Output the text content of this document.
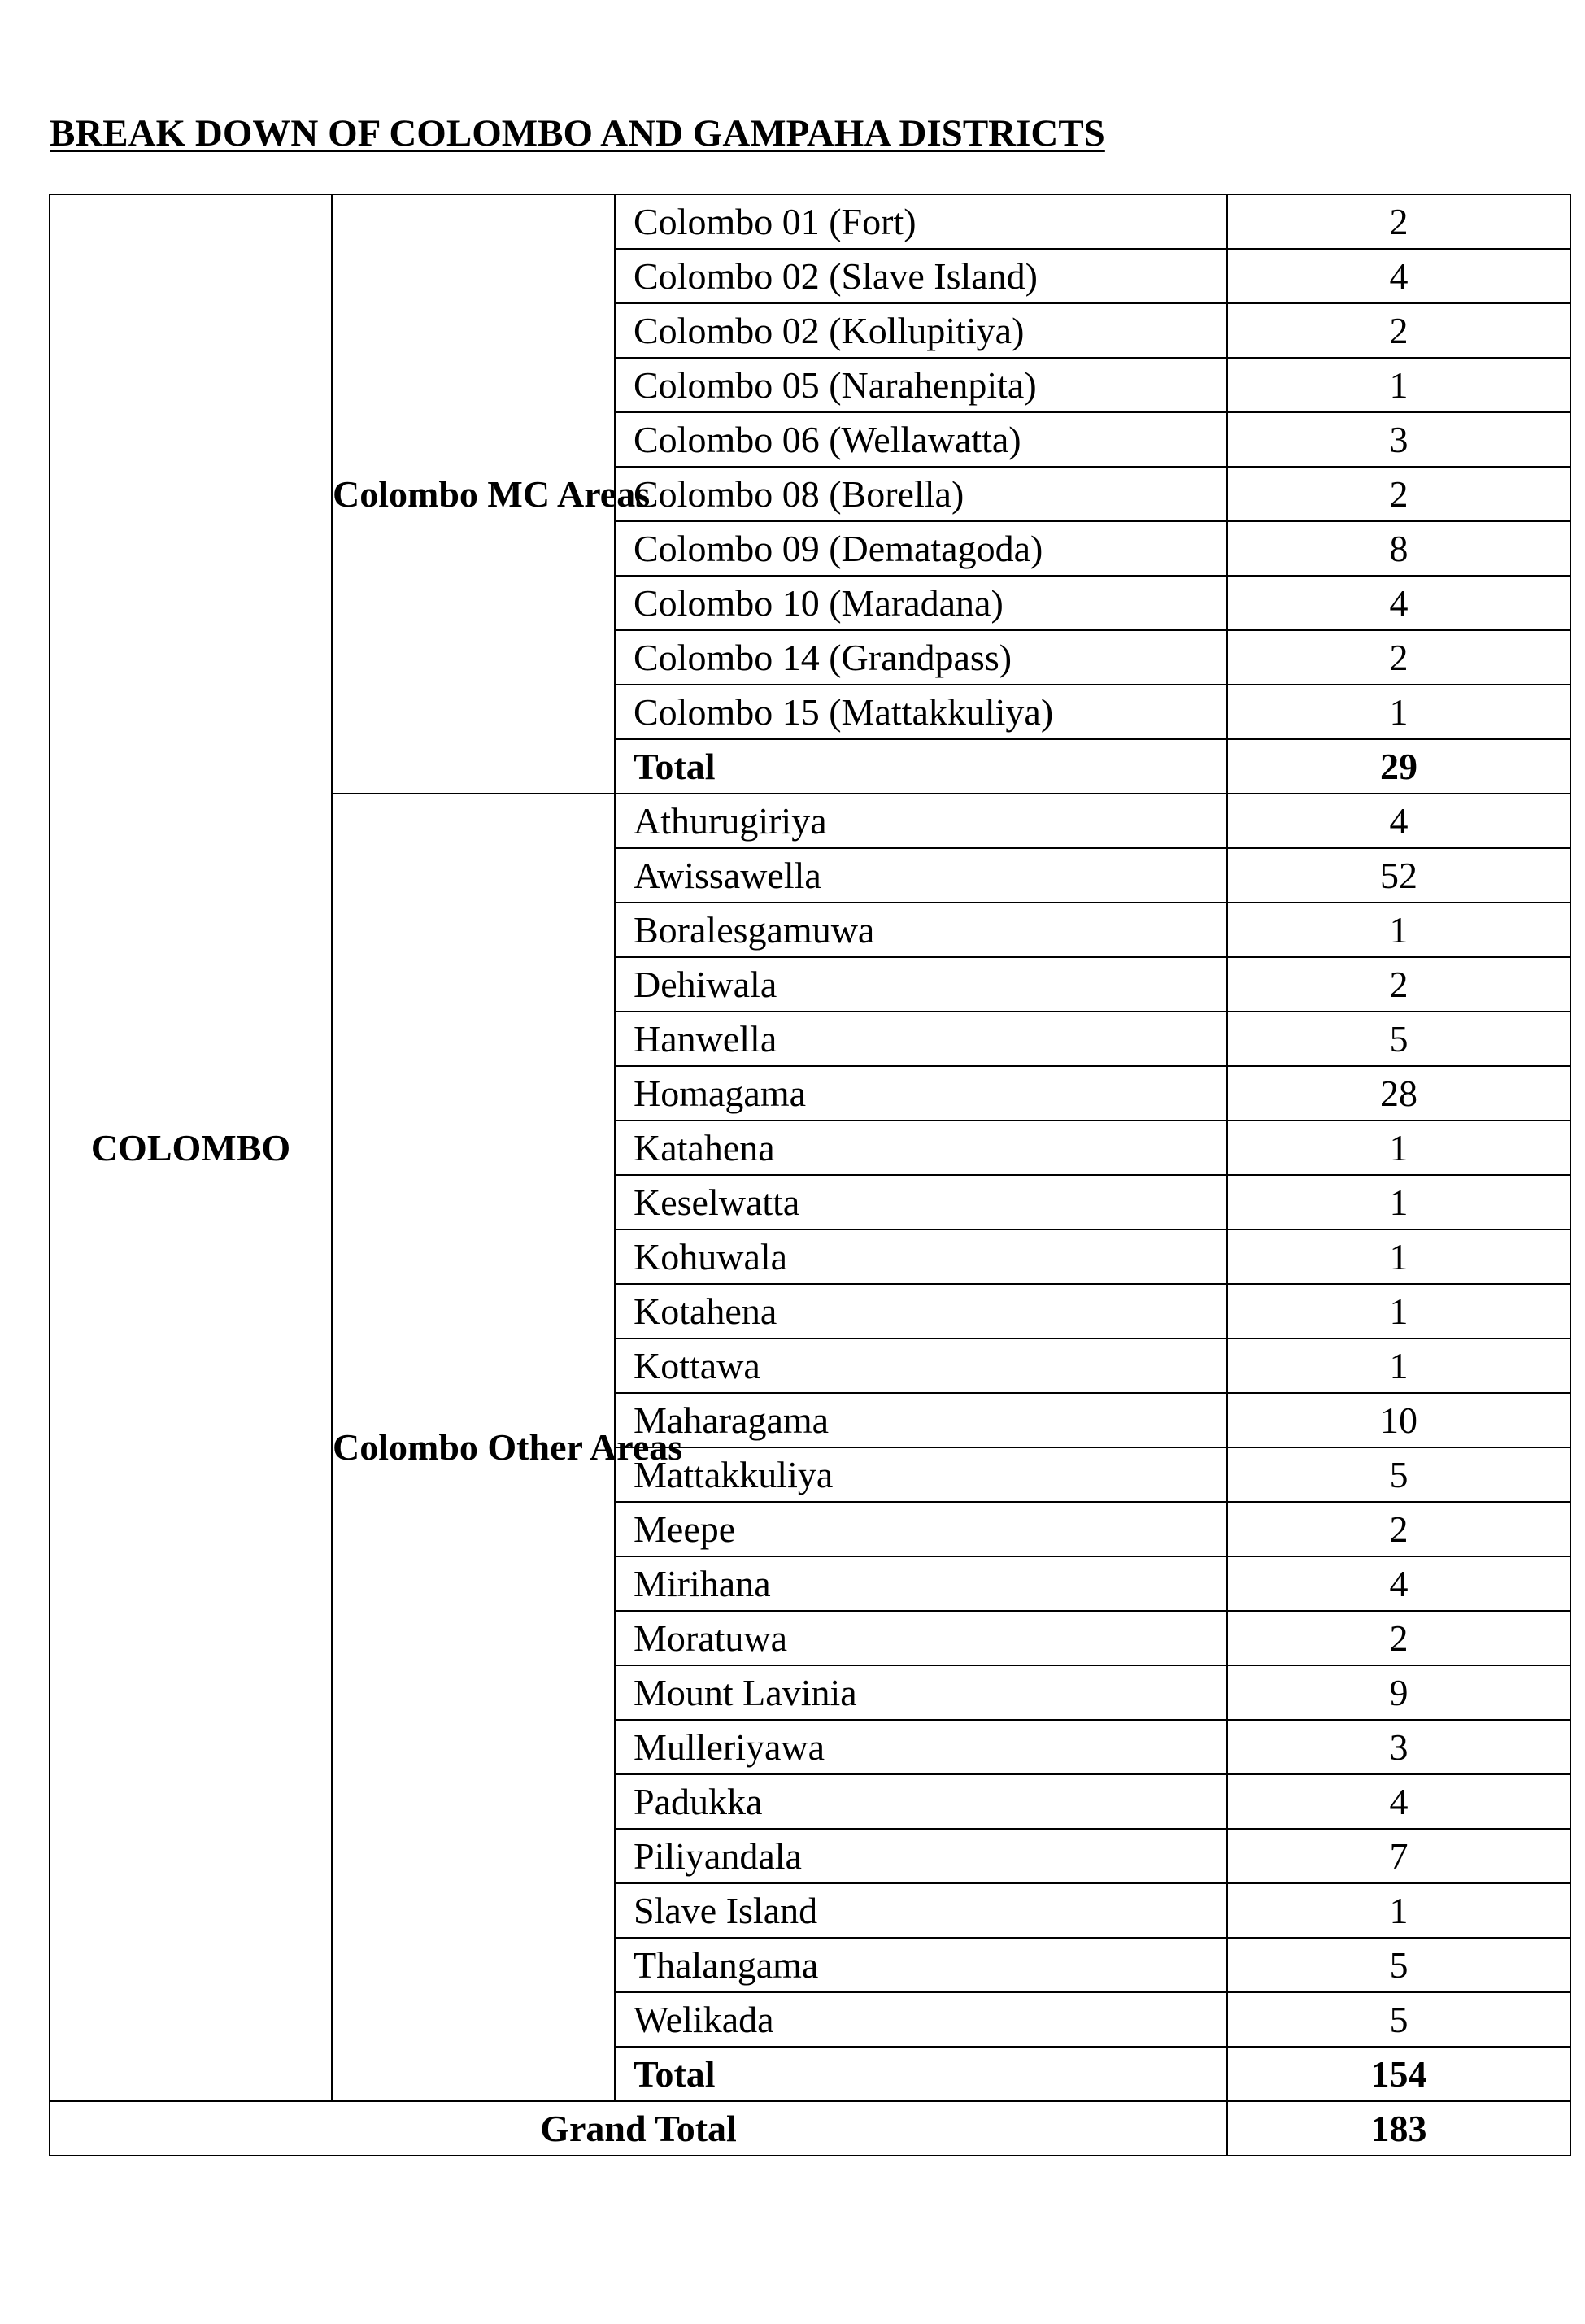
BREAK DOWN OF COLOMBO AND GAMPAHA DISTRICTS
COLOMBO	Colombo MC Areas	Colombo 01 (Fort)	2
		Colombo 02 (Slave Island)	4
		Colombo 02 (Kollupitiya)	2
		Colombo 05 (Narahenpita)	1
		Colombo 06 (Wellawatta)	3
		Colombo 08 (Borella)	2
		Colombo 09 (Dematagoda)	8
		Colombo 10 (Maradana)	4
		Colombo 14 (Grandpass)	2
		Colombo 15 (Mattakkuliya)	1
		Total	29
	Colombo Other Areas	Athurugiriya	4
		Awissawella	52
		Boralesgamuwa	1
		Dehiwala	2
		Hanwella	5
		Homagama	28
		Katahena	1
		Keselwatta	1
		Kohuwala	1
		Kotahena	1
		Kottawa	1
		Maharagama	10
		Mattakkuliya	5
		Meepe	2
		Mirihana	4
		Moratuwa	2
		Mount Lavinia	9
		Mulleriyawa	3
		Padukka	4
		Piliyandala	7
		Slave Island	1
		Thalangama	5
		Welikada	5
		Total	154
Grand Total			183
